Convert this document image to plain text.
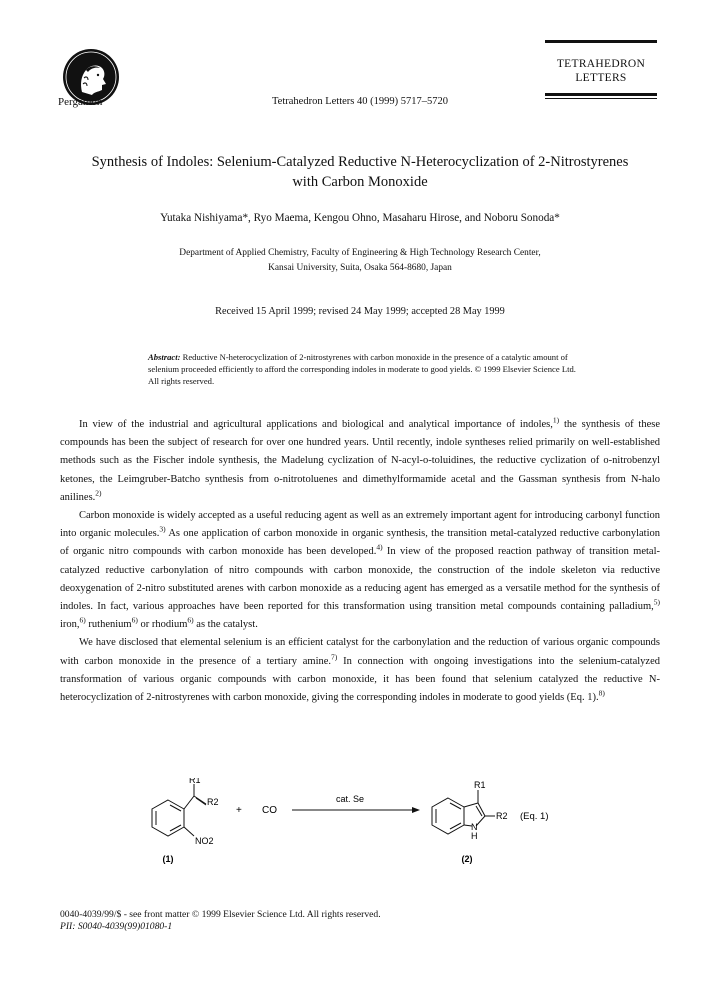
Pergamon	Tetrahedron Letters 40 (1999) 5717–5720
TETRAHEDRON
LETTERS
Synthesis of Indoles: Selenium-Catalyzed Reductive N-Heterocyclization of 2-Nitrostyrenes
with Carbon Monoxide
Yutaka Nishiyama*, Ryo Maema, Kengou Ohno, Masaharu Hirose, and Noboru Sonoda*
Department of Applied Chemistry, Faculty of Engineering & High Technology Research Center,
Kansai University, Suita, Osaka 564-8680, Japan
Received 15 April 1999; revised 24 May 1999; accepted 28 May 1999
Abstract: Reductive N-heterocyclization of 2-nitrostyrenes with carbon monoxide in the presence of a catalytic amount of selenium proceeded efficiently to afford the corresponding indoles in moderate to good yields. © 1999 Elsevier Science Ltd. All rights reserved.

In view of the industrial and agricultural applications and biological and analytical importance of indoles,$^{1)}$ the synthesis of these compounds has been the subject of research for over one hundred years. Until recently, indole syntheses relied primarily on well-established methods such as the Fischer indole synthesis, the Madelung cyclization of N-acyl-o-toluidines, the reductive cyclization of o-nitrobenzyl ketones, the Leimgruber-Batcho synthesis from o-nitrotoluenes and dimethylformamide acetal and the Gassman synthesis from N-halo anilines.$^{2)}$

Carbon monoxide is widely accepted as a useful reducing agent as well as an extremely important agent for introducing carbonyl function into organic molecules.$^{3)}$ As one application of carbon monoxide in organic synthesis, the transition metal-catalyzed reductive carbonylation of organic nitro compounds with carbon monoxide has been developed.$^{4)}$ In view of the proposed reaction pathway of transition metal-catalyzed reductive carbonylation of nitro compounds with carbon monoxide, the construction of the indole skeleton via reductive deoxygenation of 2-nitro substituted arenes with carbon monoxide as a reducing agent has emerged as a versatile method for the synthesis of indoles. In fact, various approaches have been reported for this transformation using transition metal compounds containing palladium,$^{5)}$ iron,$^{6)}$ ruthenium$^{6)}$ or rhodium$^{6)}$ as the catalyst.

We have disclosed that elemental selenium is an efficient catalyst for the carbonylation and the reduction of various organic compounds with carbon monoxide in the presence of a tertiary amine.$^{7)}$ In connection with ongoing investigations into the selenium-catalyzed transformation of various organic compounds with carbon monoxide, it has been found that selenium catalyzed the reductive N-heterocyclization of 2-nitrostyrenes with carbon monoxide, giving the corresponding indoles in moderate to good yields (Eq. 1).$^{8)}$

R1
R2
NO2
+ CO
cat. Se
R1
R2
N
H
(Eq. 1)
(1)	(2)
0040-4039/99/$ - see front matter © 1999 Elsevier Science Ltd. All rights reserved.
PII: S0040-4039(99)01080-1
